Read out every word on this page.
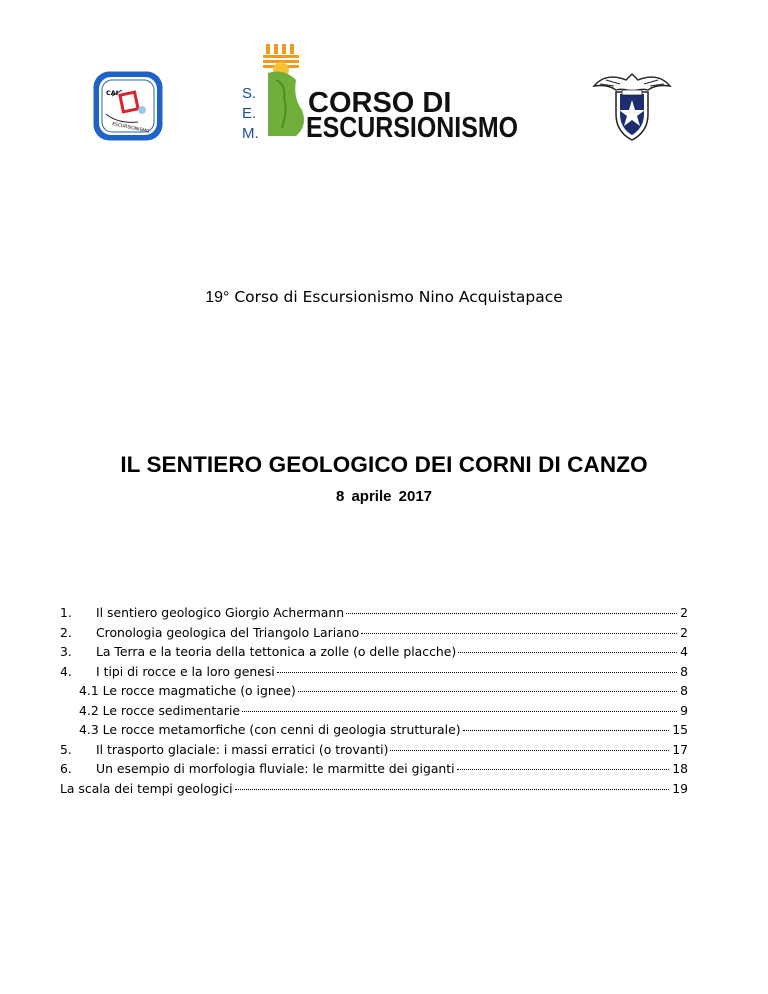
CAI
ESCURSIONISMO
S.
E.
M.
CORSO DI
ESCURSIONISMO
19° Corso di Escursionismo Nino Acquistapace
IL SENTIERO GEOLOGICO DEI CORNI DI CANZO
8 aprile 2017
1.	Il sentiero geologico Giorgio Achermann	2
2.	Cronologia geologica del Triangolo Lariano	2
3.	La Terra e la teoria della tettonica a zolle (o delle placche)	4
4.	I tipi di rocce e la loro genesi	8
4.1 Le rocce magmatiche (o ignee)	8
4.2 Le rocce sedimentarie	9
4.3 Le rocce metamorfiche (con cenni di geologia strutturale)	15
5.	Il trasporto glaciale: i massi erratici (o trovanti)	17
6.	Un esempio di morfologia fluviale: le marmitte dei giganti	18
La scala dei tempi geologici	19
